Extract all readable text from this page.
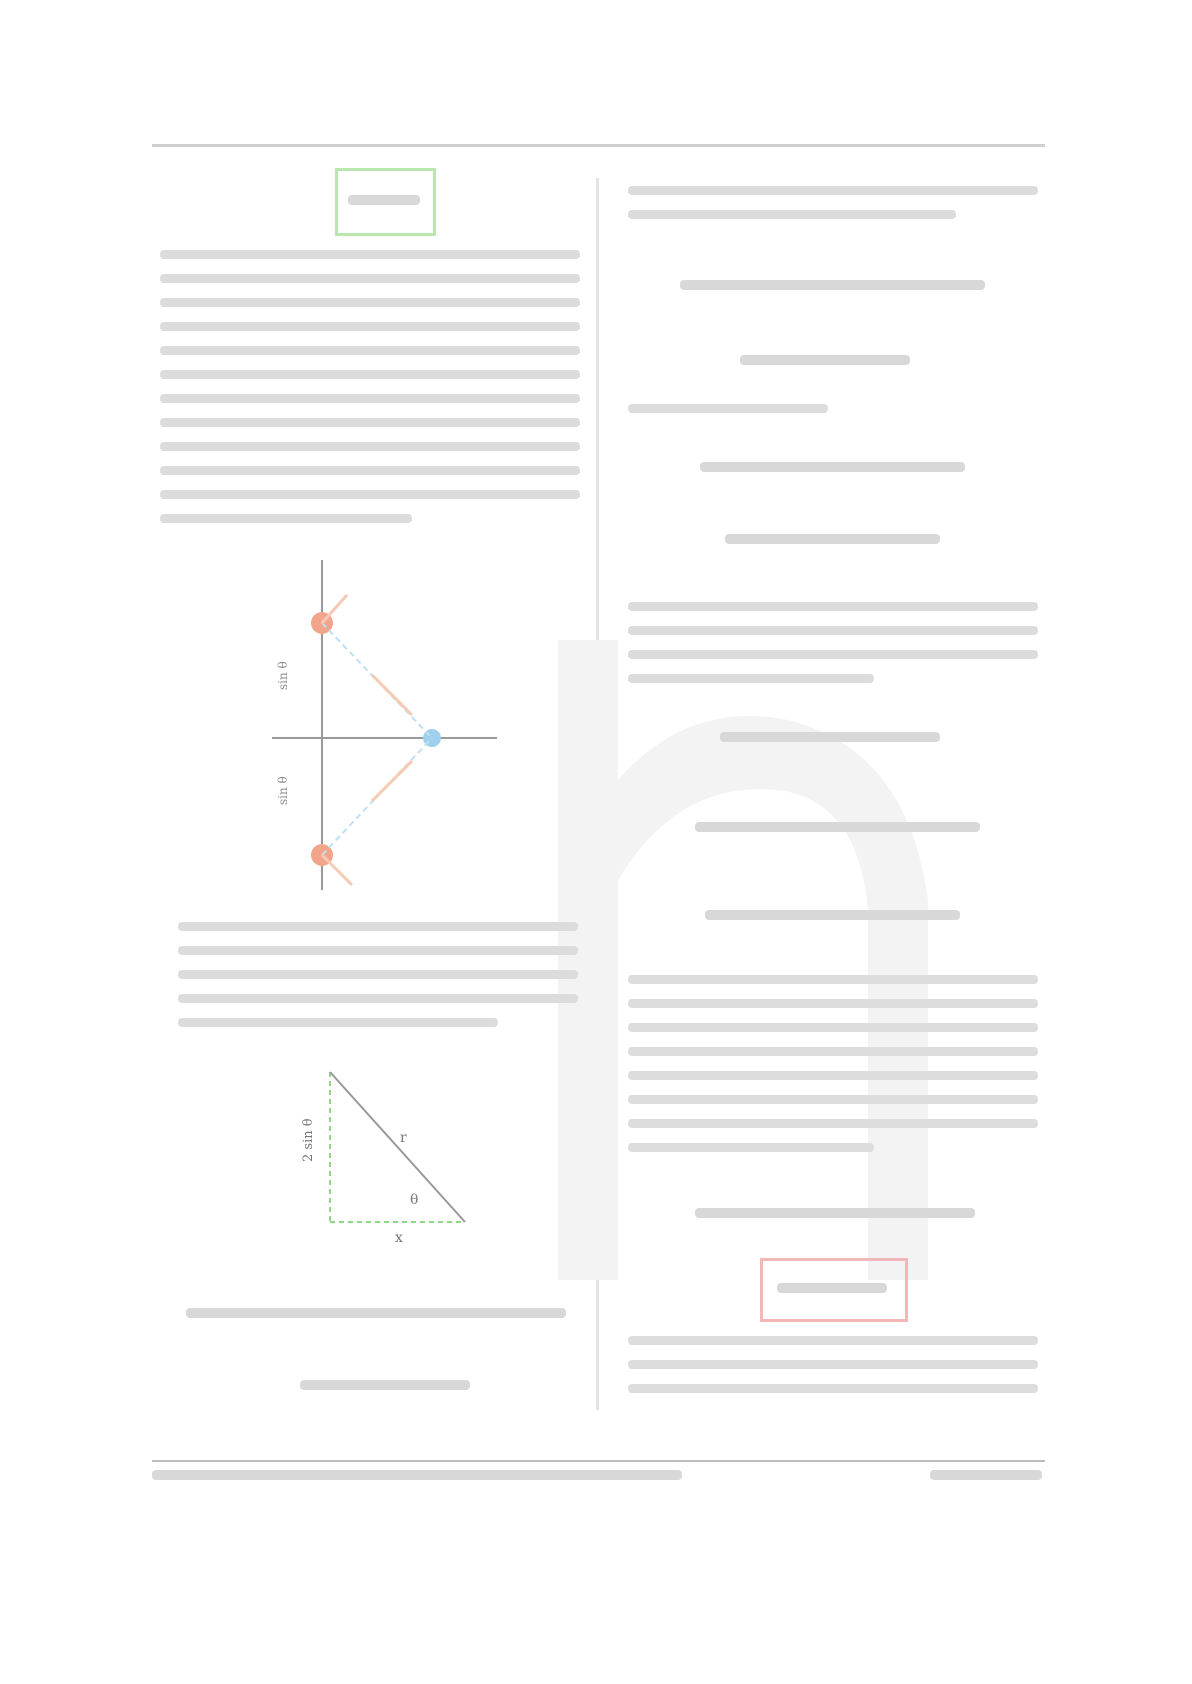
sin θ
sin θ
2 sin θ	r
x
θ
